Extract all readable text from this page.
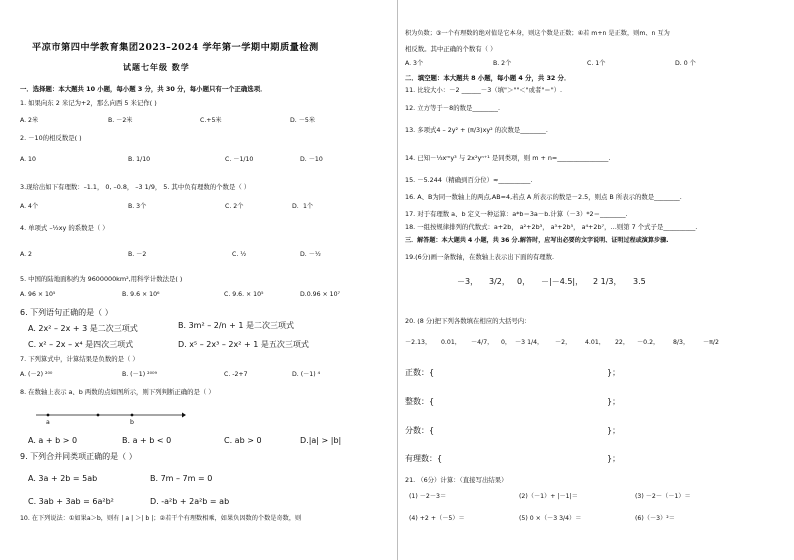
平凉市第四中学教育集团2023–2024 学年第一学期中期质量检测
试题七年级 数学
一．选择题：本大题共 10 小题，每小题 3 分，共 30 分，每小题只有一个正确选项．
1. 如果向东 2 米记为+2，那么向西 5 米记作( )
A. 2米	B. －2米	C.+5米	D. －5米
2. －10的相反数是( )
A. 10	B. 1/10	C. －1/10	D. －10
3.现给出如下有理数：–1.1， 0, –0.8， –3 1/9， 5. 其中负有理数的个数是（ ）
A. 4个	B. 3个	C. 2个	D．1个
4. 单项式 –½xy 的系数是（ ）
A. 2	B. －2	C. ½	D. －½
5. 中国的陆地面积约为 9600000km²,用科学计数法是( )
A. 96 × 10⁵	B. 9.6 × 10⁶	C. 9.6. × 10⁵	D.0.96 × 10⁷
6. 下列语句正确的是（ ）
A. 2x² – 2x + 3 是二次三项式	B. 3m² – 2/n + 1 是二次三项式
C. x² – 2x – x⁴ 是四次三项式	D. x⁵ – 2x³ – 2x² + 1 是五次三项式
7. 下列算式中，计算结果是负数的是（ ）
A. (－2) ²⁰⁰	B. (－1) ²⁰⁰⁹	C. -2+7	D. (－1) ⁴
8. 在数轴上表示 a、b 两数的点如图所示，则下列判断正确的是（ ）
a	b
A. a + b > 0	B. a + b < 0	C. ab > 0	D.|a| > |b|
9. 下列合并同类项正确的是（ ）
A. 3a + 2b = 5ab	B. 7m – 7m = 0
C. 3ab + 3ab = 6a²b²	D. -a²b + 2a²b = ab
10. 在下列说法：①如果a＞b，则有 | a | ＞| b |；②若干个有理数相乘，如果负因数的个数是奇数，则
积为负数；③一个有理数的绝对值是它本身，则这个数是正数；④若 m+n 是正数，则m、n 互为
相反数。其中正确的个数有（ ）
A. 3个	B. 2个	C. 1个	D. 0 个
二．填空题：本大题共 8 小题，每小题 4 分，共 32 分．
11. 比较大小：－2 ______－3（填"＞""＜"或者"＝"）.
12. 立方等于－8的数是________.
13. 多项式4 – 2y² + (π/3)xy² 的次数是________.
14. 已知－⅓xᵐy³ 与 2x²yⁿ⁺¹ 是同类项，则 m + n=________________.
15. －5.244（精确到百分位）≈__________.
16. A、B为同一数轴上的两点,AB=4,若点 A 所表示的数是－2.5，则点 B 所表示的数是________.
17. 对于有理数 a、b 定义一种运算：a*b＝3a－b.计算（－3）*2＝________.
18. 一组按规律排列的代数式：a+2b， a²+2b³， a³+2b⁵， a⁴+2b⁷，…则第 7 个式子是__________.
三．解答题：本大题共 4 小题，共 36 分.解答时，应写出必要的文字说明、证明过程或演算步骤.
19.(6分)画一条数轴，在数轴上表示出下面的有理数.
－3， 3/2， 0， －|－4.5|， 2 1/3， 3.5
20. (8 分)把下列各数填在相应的大括号内：
－2.13， 0.01， －4/7， 0， －3 1/4， －2， 4.01， 22， －0.2， 8/3， －π/2
正数：{	}；
整数：{	}；
分数：{	}；
有理数：{	}；
21. （6分）计算：（直接写出结果）
(1) －2－3＝	(2)（－1）+ |－1|＝	(3) －2－（－1）＝
(4) +2 +（－5）＝	(5) 0 ×（－3 3/4）＝	(6)（－3）²＝
